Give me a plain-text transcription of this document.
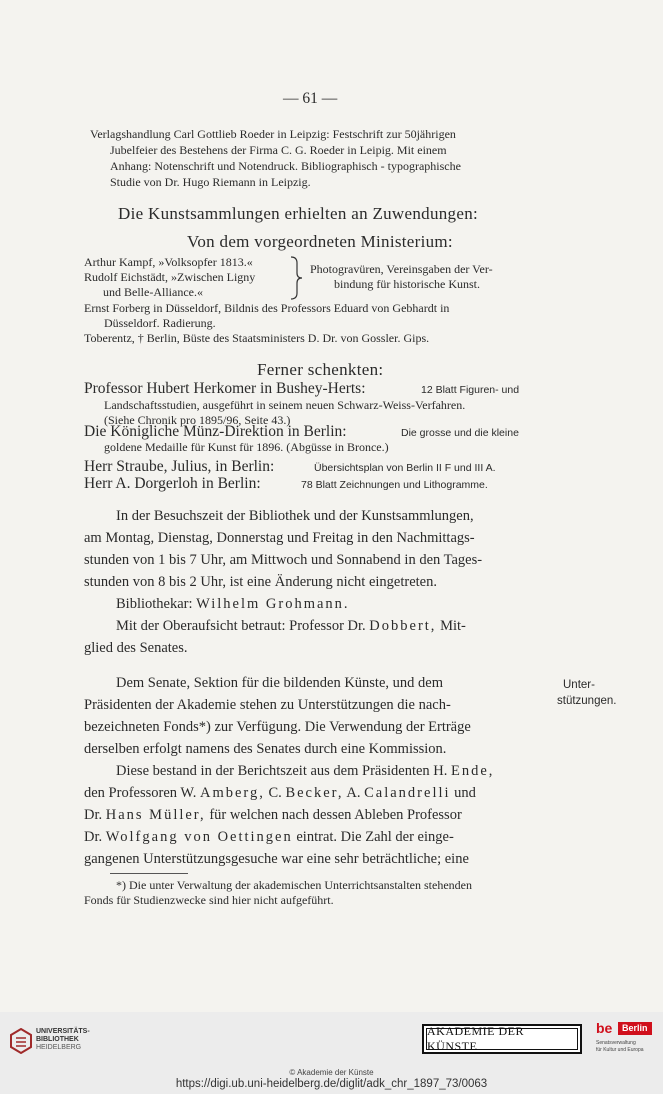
— 61 —
Verlagshandlung Carl Gottlieb Roeder in Leipzig: Festschrift zur 50jährigen
Jubelfeier des Bestehens der Firma C. G. Roeder in Leipig. Mit einem
Anhang: Notenschrift und Notendruck. Bibliographisch - typographische
Studie von Dr. Hugo Riemann in Leipzig.
Die Kunstsammlungen erhielten an Zuwendungen:
Von dem vorgeordneten Ministerium:
Arthur Kampf, »Volksopfer 1813.«
Rudolf Eichstädt, »Zwischen Ligny
und Belle-Alliance.«
Photogravüren, Vereinsgaben der Ver-
bindung für historische Kunst.
Ernst Forberg in Düsseldorf, Bildnis des Professors Eduard von Gebhardt in
Düsseldorf. Radierung.
Toberentz, † Berlin, Büste des Staatsministers D. Dr. von Gossler. Gips.
Ferner schenkten:
Professor Hubert Herkomer in Bushey-Herts:	12 Blatt Figuren- und
Landschaftsstudien, ausgeführt in seinem neuen Schwarz-Weiss-Verfahren.
(Siehe Chronik pro 1895/96, Seite 43.)
Die Königliche Münz-Direktion in Berlin:	Die grosse und die kleine
goldene Medaille für Kunst für 1896. (Abgüsse in Bronce.)
Herr Straube, Julius, in Berlin:	Übersichtsplan von Berlin II F und III A.
Herr A. Dorgerloh in Berlin:	78 Blatt Zeichnungen und Lithogramme.
In der Besuchszeit der Bibliothek und der Kunstsammlungen,
am Montag, Dienstag, Donnerstag und Freitag in den Nachmittags-
stunden von 1 bis 7 Uhr, am Mittwoch und Sonnabend in den Tages-
stunden von 8 bis 2 Uhr, ist eine Änderung nicht eingetreten.
Bibliothekar: Wilhelm Grohmann.
Mit der Oberaufsicht betraut: Professor Dr. Dobbert, Mit-
glied des Senates.
Dem Senate, Sektion für die bildenden Künste, und dem
Präsidenten der Akademie stehen zu Unterstützungen die nach-
bezeichneten Fonds*) zur Verfügung. Die Verwendung der Erträge
derselben erfolgt namens des Senates durch eine Kommission.
Unter-
stützungen.
Diese bestand in der Berichtszeit aus dem Präsidenten H. Ende,
den Professoren W. Amberg, C. Becker, A. Calandrelli und
Dr. Hans Müller, für welchen nach dessen Ableben Professor
Dr. Wolfgang von Oettingen eintrat. Die Zahl der einge-
gangenen Unterstützungsgesuche war eine sehr beträchtliche; eine
*) Die unter Verwaltung der akademischen Unterrichtsanstalten stehenden
Fonds für Studienzwecke sind hier nicht aufgeführt.
UNIVERSITÄTS-
BIBLIOTHEK
HEIDELBERG
AKADEMIE DER KÜNSTE
be Berlin
Senatsverwaltung
für Kultur und Europa
© Akademie der Künste
https://digi.ub.uni-heidelberg.de/diglit/adk_chr_1897_73/0063
